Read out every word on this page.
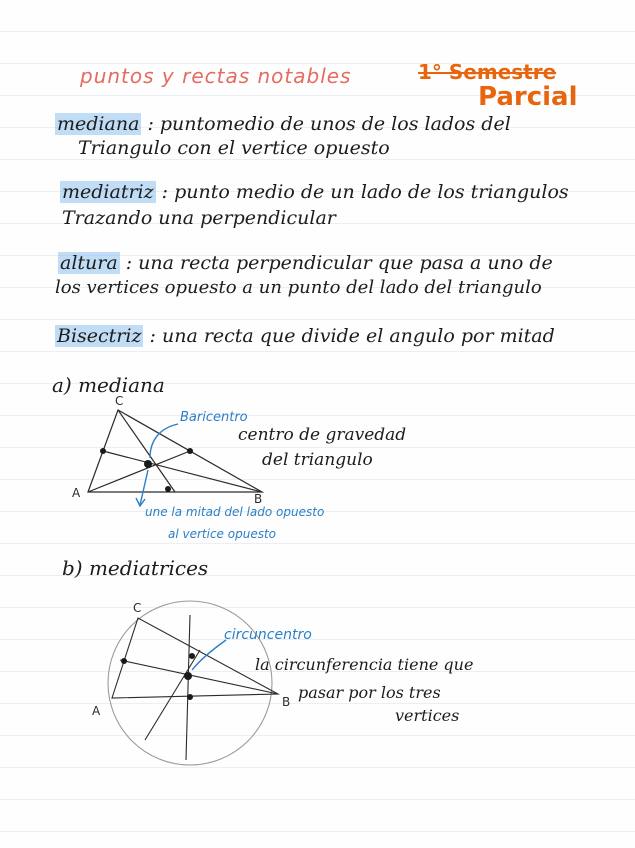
puntos y rectas notables	1° Semestre
Parcial
mediana : puntomedio de unos de los lados del
Triangulo con el vertice opuesto
mediatriz : punto medio de un lado de los triangulos
Trazando una perpendicular
altura : una recta perpendicular que pasa a uno de
los vertices opuesto a un punto del lado del triangulo
Bisectriz : una recta que divide el angulo por mitad
a) mediana
C
A	B
Baricentro
centro de gravedad
del triangulo
une la mitad del lado opuesto
al vertice opuesto
b) mediatrices
C
A
B
circuncentro
la circunferencia tiene que
pasar por los tres
vertices
